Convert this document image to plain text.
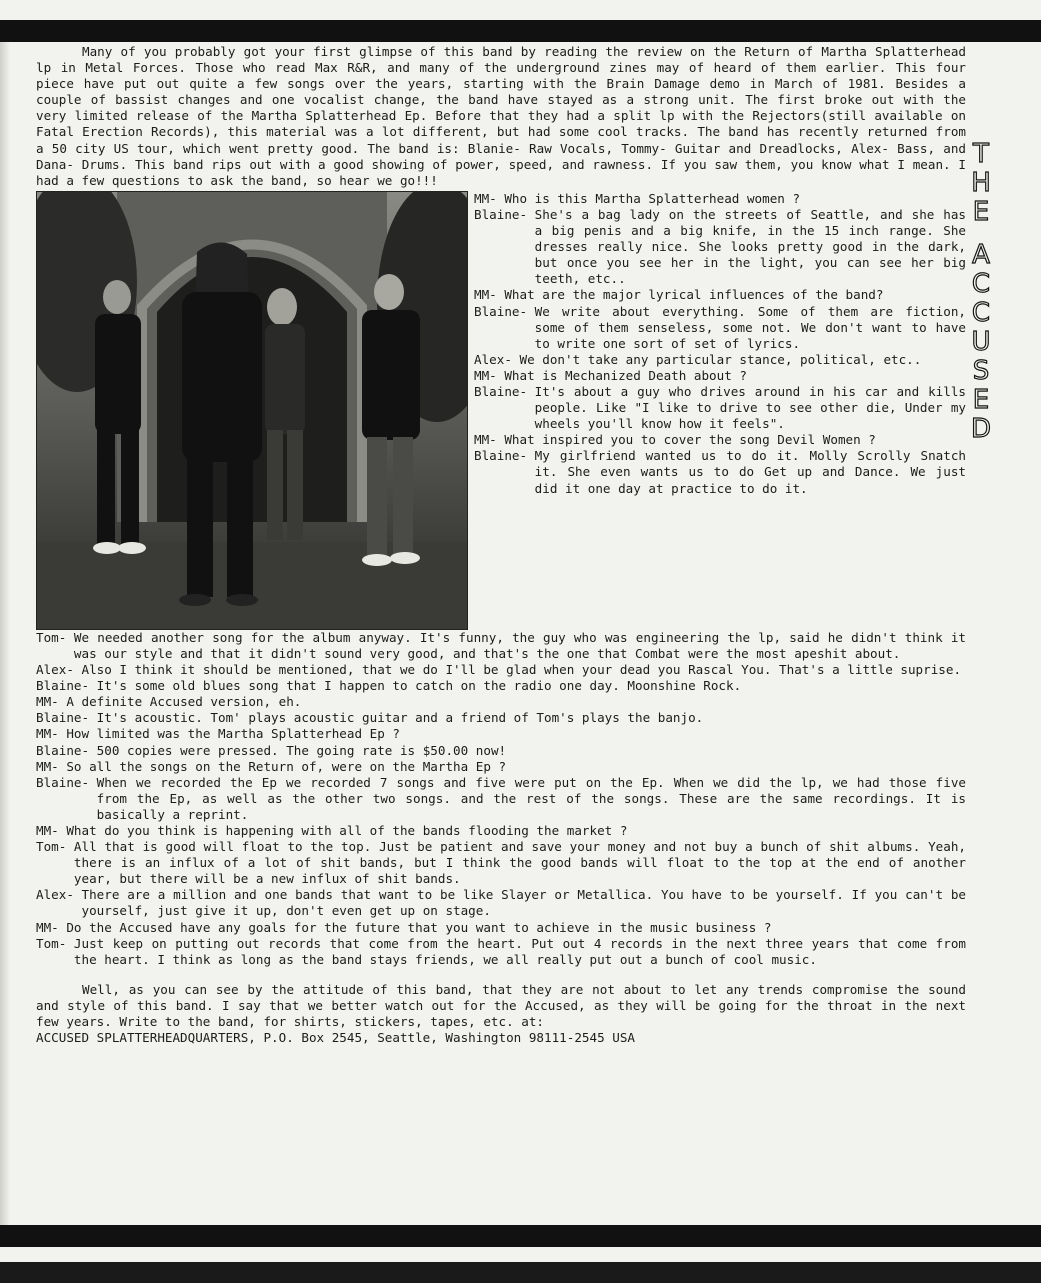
Many of you probably got your first glimpse of this band by reading the review on the Return of Martha Splatterhead lp in Metal Forces. Those who read Max R&R, and many of the underground zines may of heard of them earlier. This four piece have put out quite a few songs over the years, starting with the Brain Damage demo in March of 1981. Besides a couple of bassist changes and one vocalist change, the band have stayed as a strong unit. The first broke out with the very limited release of the Martha Splatterhead Ep. Before that they had a split lp with the Rejectors(still available on Fatal Erection Records), this material was a lot different, but had some cool tracks. The band has recently returned from a 50 city US tour, which went pretty good. The band is: Blanie- Raw Vocals, Tommy- Guitar and Dreadlocks, Alex- Bass, and Dana- Drums. This band rips out with a good showing of power, speed, and rawness. If you saw them, you know what I mean. I had a few questions to ask the band, so hear we go!!!

MM- Who is this Martha Splatterhead women ?
Blaine- She's a bag lady on the streets of Seattle, and she has a big penis and a big knife, in the 15 inch range. She dresses really nice. She looks pretty good in the dark, but once you see her in the light, you can see her big teeth, etc..
MM- What are the major lyrical influences of the band?
Blaine- We write about everything. Some of them are fiction, some of them senseless, some not. We don't want to have to write one sort of set of lyrics.
Alex- We don't take any particular stance, political, etc..
MM- What is Mechanized Death about ?
Blaine- It's about a guy who drives around in his car and kills people. Like "I like to drive to see other die, Under my wheels you'll know how it feels".
MM- What inspired you to cover the song Devil Women ?
Blaine- My girlfriend wanted us to do it. Molly Scrolly Snatch it. She even wants us to do Get up and Dance. We just did it one day at practice to do it.
Tom- We needed another song for the album anyway. It's funny, the guy who was engineering the lp, said he didn't think it was our style and that it didn't sound very good, and that's the one that Combat were the most apeshit about.
Alex- Also I think it should be mentioned, that we do I'll be glad when your dead you Rascal You. That's a little suprise.
Blaine- It's some old blues song that I happen to catch on the radio one day. Moonshine Rock.
MM- A definite Accused version, eh.
Blaine- It's acoustic. Tom' plays acoustic guitar and a friend of Tom's plays the banjo.
MM- How limited was the Martha Splatterhead Ep ?
Blaine- 500 copies were pressed. The going rate is $50.00 now!
MM- So all the songs on the Return of, were on the Martha Ep ?
Blaine- When we recorded the Ep we recorded 7 songs and five were put on the Ep. When we did the lp, we had those five from the Ep, as well as the other two songs. and the rest of the songs. These are the same recordings. It is basically a reprint.
MM- What do you think is happening with all of the bands flooding the market ?
Tom- All that is good will float to the top. Just be patient and save your money and not buy a bunch of shit albums. Yeah, there is an influx of a lot of shit bands, but I think the good bands will float to the top at the end of another year, but there will be a new influx of shit bands.
Alex- There are a million and one bands that want to be like Slayer or Metallica. You have to be yourself. If you can't be yourself, just give it up, don't even get up on stage.
MM- Do the Accused have any goals for the future that you want to achieve in the music business ?
Tom- Just keep on putting out records that come from the heart. Put out 4 records in the next three years that come from the heart. I think as long as the band stays friends, we all really put out a bunch of cool music.

Well, as you can see by the attitude of this band, that they are not about to let any trends compromise the sound and style of this band. I say that we better watch out for the Accused, as they will be going for the throat in the next few years. Write to the band, for shirts, stickers, tapes, etc. at:
ACCUSED SPLATTERHEADQUARTERS, P.O. Box 2545, Seattle, Washington 98111-2545 USA

T
H
E
A
C
C
U
S
E
D
